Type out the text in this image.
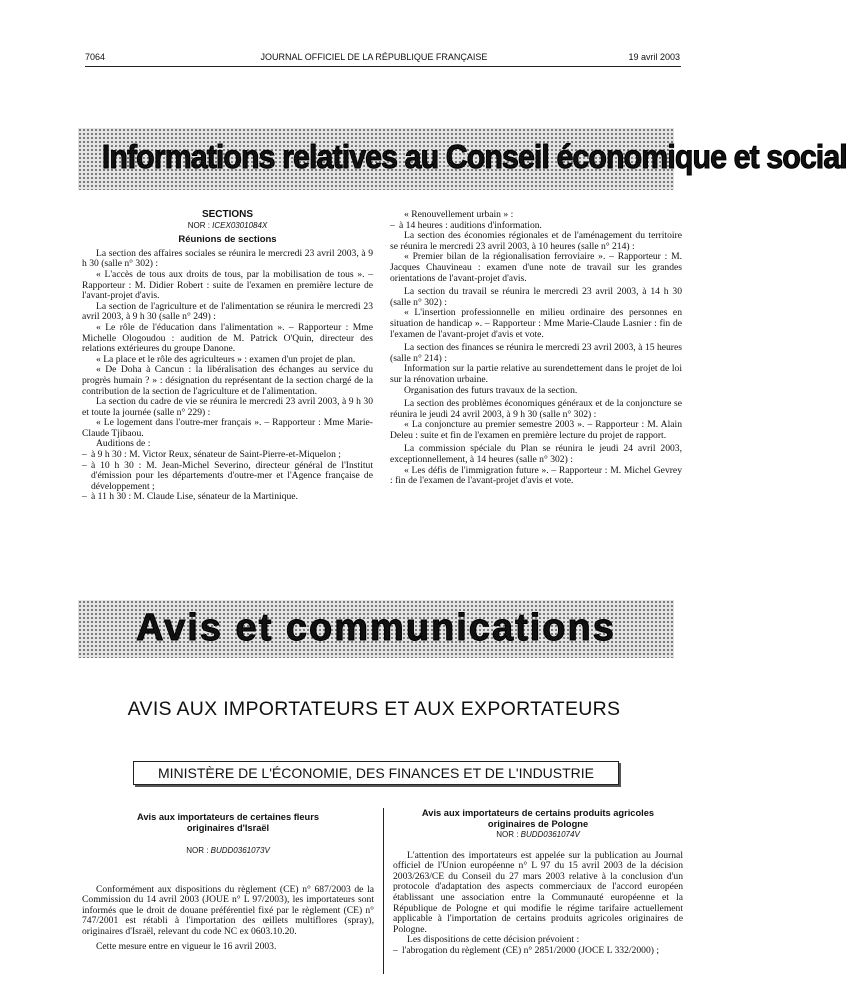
7064	JOURNAL OFFICIEL DE LA RÉPUBLIQUE FRANÇAISE	19 avril 2003
Informations relatives au Conseil économique et social
SECTIONS
NOR : ICEX0301084X
Réunions de sections

La section des affaires sociales se réunira le mercredi 23 avril 2003, à 9 h 30 (salle n° 302) :

« L'accès de tous aux droits de tous, par la mobilisation de tous ». – Rapporteur : M. Didier Robert : suite de l'examen en première lecture de l'avant-projet d'avis.

La section de l'agriculture et de l'alimentation se réunira le mercredi 23 avril 2003, à 9 h 30 (salle n° 249) :

« Le rôle de l'éducation dans l'alimentation ». – Rapporteur : Mme Michelle Ologoudou : audition de M. Patrick O'Quin, directeur des relations extérieures du groupe Danone.

« La place et le rôle des agriculteurs » : examen d'un projet de plan.

« De Doha à Cancun : la libéralisation des échanges au service du progrès humain ? » : désignation du représentant de la section chargé de la contribution de la section de l'agriculture et de l'alimentation.

La section du cadre de vie se réunira le mercredi 23 avril 2003, à 9 h 30 et toute la journée (salle n° 229) :

« Le logement dans l'outre-mer français ». – Rapporteur : Mme Marie-Claude Tjibaou.

Auditions de :

– à 9 h 30 : M. Victor Reux, sénateur de Saint-Pierre-et-Miquelon ;

– à 10 h 30 : M. Jean-Michel Severino, directeur général de l'Institut d'émission pour les départements d'outre-mer et l'Agence française de développement ;

– à 11 h 30 : M. Claude Lise, sénateur de la Martinique.

« Renouvellement urbain » :

– à 14 heures : auditions d'information.

La section des économies régionales et de l'aménagement du territoire se réunira le mercredi 23 avril 2003, à 10 heures (salle n° 214) :

« Premier bilan de la régionalisation ferroviaire ». – Rapporteur : M. Jacques Chauvineau : examen d'une note de travail sur les grandes orientations de l'avant-projet d'avis.

La section du travail se réunira le mercredi 23 avril 2003, à 14 h 30 (salle n° 302) :

« L'insertion professionnelle en milieu ordinaire des personnes en situation de handicap ». – Rapporteur : Mme Marie-Claude Lasnier : fin de l'examen de l'avant-projet d'avis et vote.

La section des finances se réunira le mercredi 23 avril 2003, à 15 heures (salle n° 214) :

Information sur la partie relative au surendettement dans le projet de loi sur la rénovation urbaine.

Organisation des futurs travaux de la section.

La section des problèmes économiques généraux et de la conjoncture se réunira le jeudi 24 avril 2003, à 9 h 30 (salle n° 302) :

« La conjoncture au premier semestre 2003 ». – Rapporteur : M. Alain Deleu : suite et fin de l'examen en première lecture du projet de rapport.

La commission spéciale du Plan se réunira le jeudi 24 avril 2003, exceptionnellement, à 14 heures (salle n° 302) :

« Les défis de l'immigration future ». – Rapporteur : M. Michel Gevrey : fin de l'examen de l'avant-projet d'avis et vote.

Avis et communications
AVIS AUX IMPORTATEURS ET AUX EXPORTATEURS
MINISTÈRE DE L'ÉCONOMIE, DES FINANCES ET DE L'INDUSTRIE
Avis aux importateurs de certaines fleurs
originaires d'Israël
NOR : BUDD0361073V

Conformément aux dispositions du règlement (CE) n° 687/2003 de la Commission du 14 avril 2003 (JOUE n° L 97/2003), les importateurs sont informés que le droit de douane préférentiel fixé par le règlement (CE) n° 747/2001 est rétabli à l'importation des œillets multiflores (spray), originaires d'Israël, relevant du code NC ex 0603.10.20.

Cette mesure entre en vigueur le 16 avril 2003.

Avis aux importateurs de certains produits agricoles
originaires de Pologne
NOR : BUDD0361074V

L'attention des importateurs est appelée sur la publication au Journal officiel de l'Union européenne n° L 97 du 15 avril 2003 de la décision 2003/263/CE du Conseil du 27 mars 2003 relative à la conclusion d'un protocole d'adaptation des aspects commerciaux de l'accord européen établissant une association entre la Communauté européenne et la République de Pologne et qui modifie le régime tarifaire actuellement applicable à l'importation de certains produits agricoles originaires de Pologne.

Les dispositions de cette décision prévoient :

– l'abrogation du règlement (CE) n° 2851/2000 (JOCE L 332/2000) ;
